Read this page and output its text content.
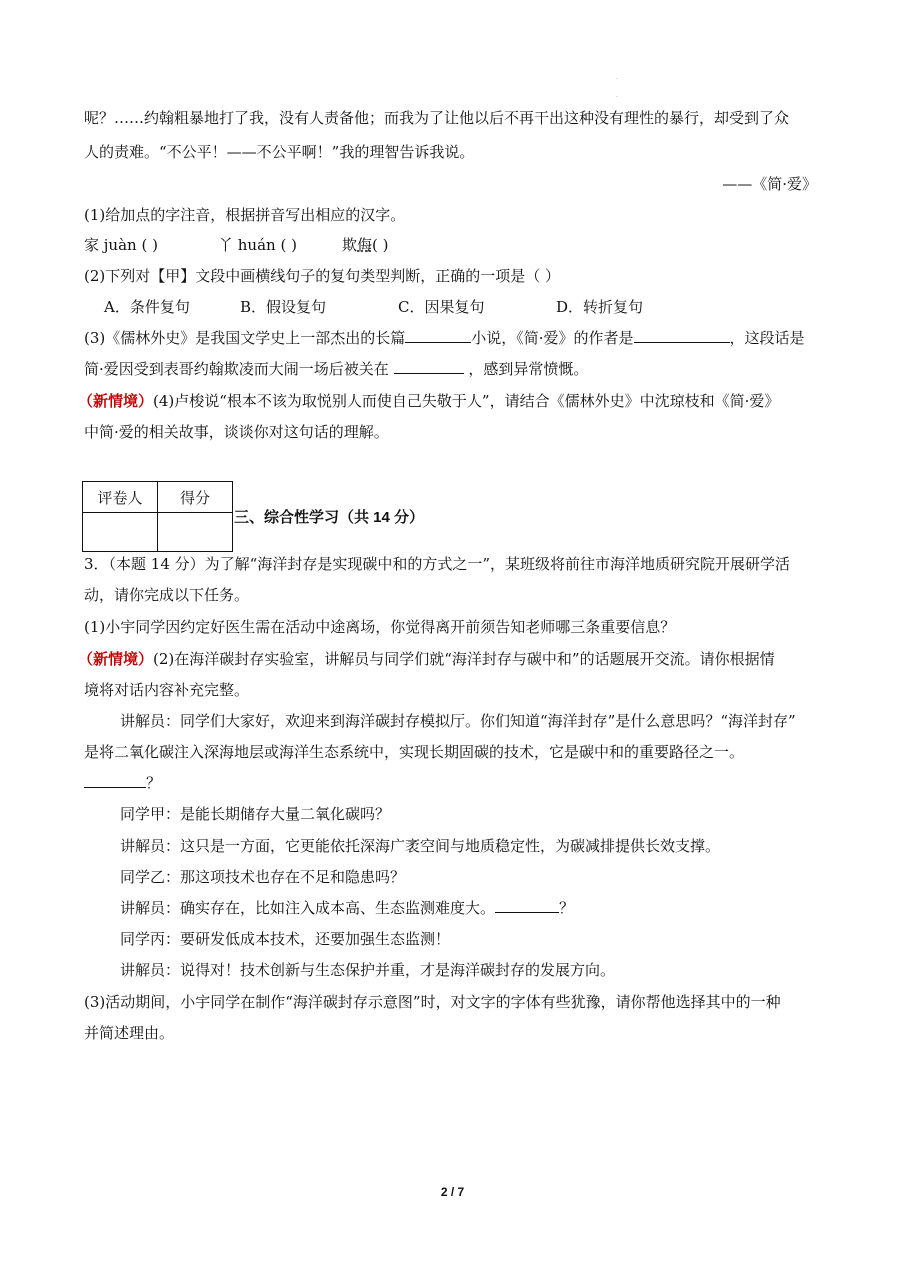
.
.
呢？……约翰粗暴地打了我，没有人责备他；而我为了让他以后不再干出这种没有理性的暴行，却受到了众
人的责难。“不公平！——不公平啊！”我的理智告诉我说。
——《简·爱》
(1)给加点的字注音，根据拼音写出相应的汉字。
家 juàn ( )	丫 huán ( )	欺侮( )
(2)下列对【甲】文段中画横线句子的复句类型判断，正确的一项是（ ）
A．条件复句	B．假设复句	C．因果复句	D．转折复句
(3)《儒林外史》是我国文学史上一部杰出的长篇	小说，《简·爱》的作者是	，这段话是
简·爱因受到表哥约翰欺凌而大闹一场后被关在	，感到异常愤慨。
（新情境）(4)卢梭说“根本不该为取悦别人而使自己失敬于人”，请结合《儒林外史》中沈琼枝和《简·爱》
中简·爱的相关故事，谈谈你对这句话的理解。
评卷人	得分

三、综合性学习（共 14 分）
3．（本题 14 分）为了解“海洋封存是实现碳中和的方式之一”，某班级将前往市海洋地质研究院开展研学活
动，请你完成以下任务。
(1)小宇同学因约定好医生需在活动中途离场，你觉得离开前须告知老师哪三条重要信息？
（新情境）(2)在海洋碳封存实验室，讲解员与同学们就“海洋封存与碳中和”的话题展开交流。请你根据情
境将对话内容补充完整。
讲解员：同学们大家好，欢迎来到海洋碳封存模拟厅。你们知道“海洋封存”是什么意思吗？“海洋封存”
是将二氧化碳注入深海地层或海洋生态系统中，实现长期固碳的技术，它是碳中和的重要路径之一。
？
同学甲：是能长期储存大量二氧化碳吗？
讲解员：这只是一方面，它更能依托深海广袤空间与地质稳定性，为碳减排提供长效支撑。
同学乙：那这项技术也存在不足和隐患吗？
讲解员：确实存在，比如注入成本高、生态监测难度大。	？
同学丙：要研发低成本技术，还要加强生态监测！
讲解员：说得对！技术创新与生态保护并重，才是海洋碳封存的发展方向。
(3)活动期间，小宇同学在制作“海洋碳封存示意图”时，对文字的字体有些犹豫，请你帮他选择其中的一种
并简述理由。
2 / 7
